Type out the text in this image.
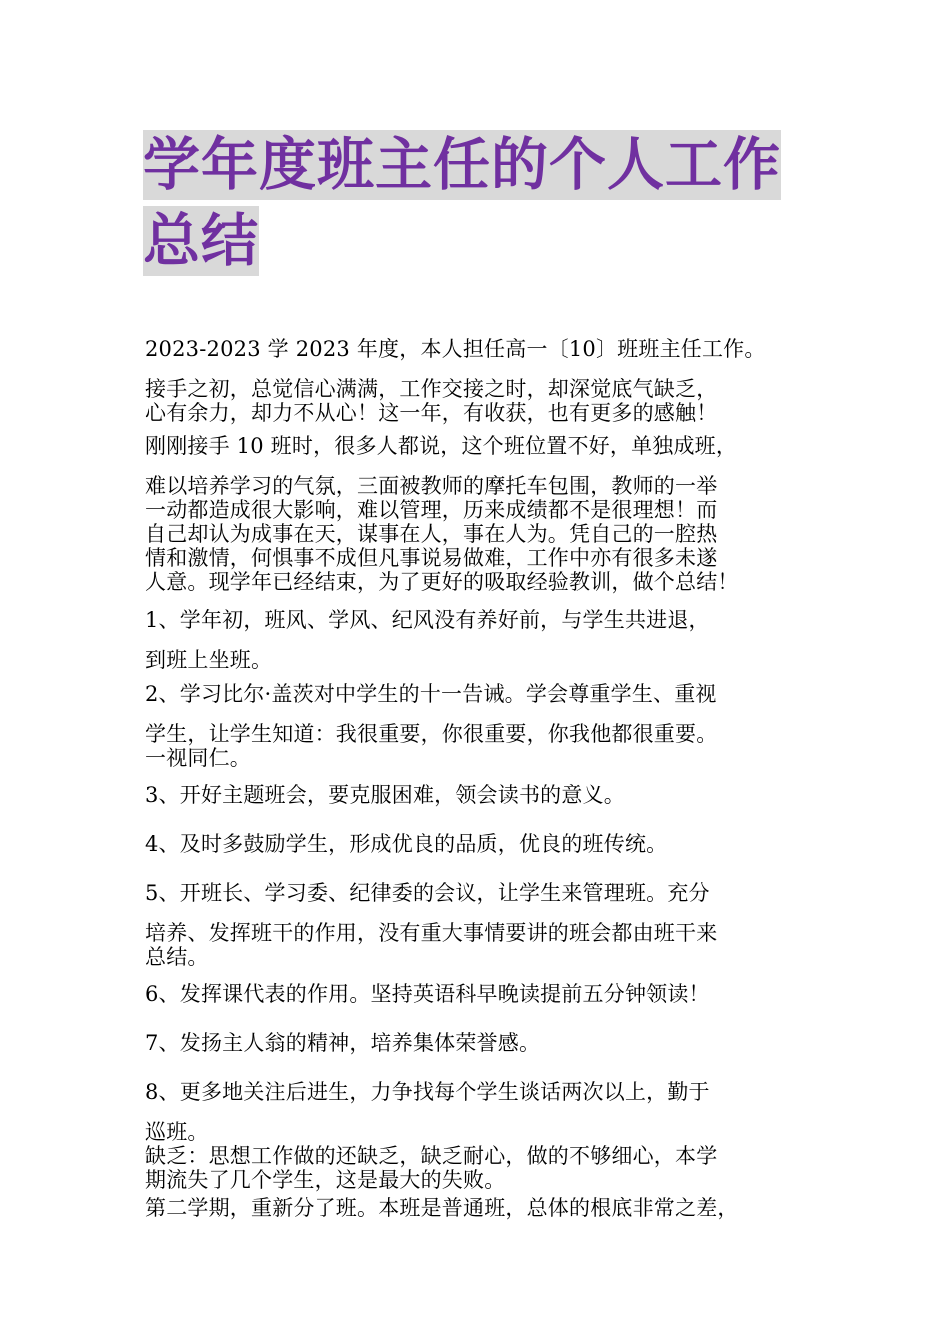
学年度班主任的个人工作
总结
2023-2023 学 2023 年度，本人担任高一〔10〕班班主任工作。
接手之初，总觉信心满满，工作交接之时，却深觉底气缺乏，
心有余力，却力不从心！这一年，有收获，也有更多的感触！
刚刚接手 10 班时，很多人都说，这个班位置不好，单独成班，
难以培养学习的气氛，三面被教师的摩托车包围，教师的一举
一动都造成很大影响，难以管理，历来成绩都不是很理想！而
自己却认为成事在天，谋事在人，事在人为。凭自己的一腔热
情和激情，何惧事不成但凡事说易做难，工作中亦有很多未遂
人意。现学年已经结束，为了更好的吸取经验教训，做个总结！
1、学年初，班风、学风、纪风没有养好前，与学生共进退，
到班上坐班。
2、学习比尔·盖茨对中学生的十一告诫。学会尊重学生、重视
学生，让学生知道：我很重要，你很重要，你我他都很重要。
一视同仁。
3、开好主题班会，要克服困难，领会读书的意义。
4、及时多鼓励学生，形成优良的品质，优良的班传统。
5、开班长、学习委、纪律委的会议，让学生来管理班。充分
培养、发挥班干的作用，没有重大事情要讲的班会都由班干来
总结。
6、发挥课代表的作用。坚持英语科早晚读提前五分钟领读！
7、发扬主人翁的精神，培养集体荣誉感。
8、更多地关注后进生，力争找每个学生谈话两次以上，勤于
巡班。
缺乏：思想工作做的还缺乏，缺乏耐心，做的不够细心，本学
期流失了几个学生，这是最大的失败。
第二学期，重新分了班。本班是普通班，总体的根底非常之差，
